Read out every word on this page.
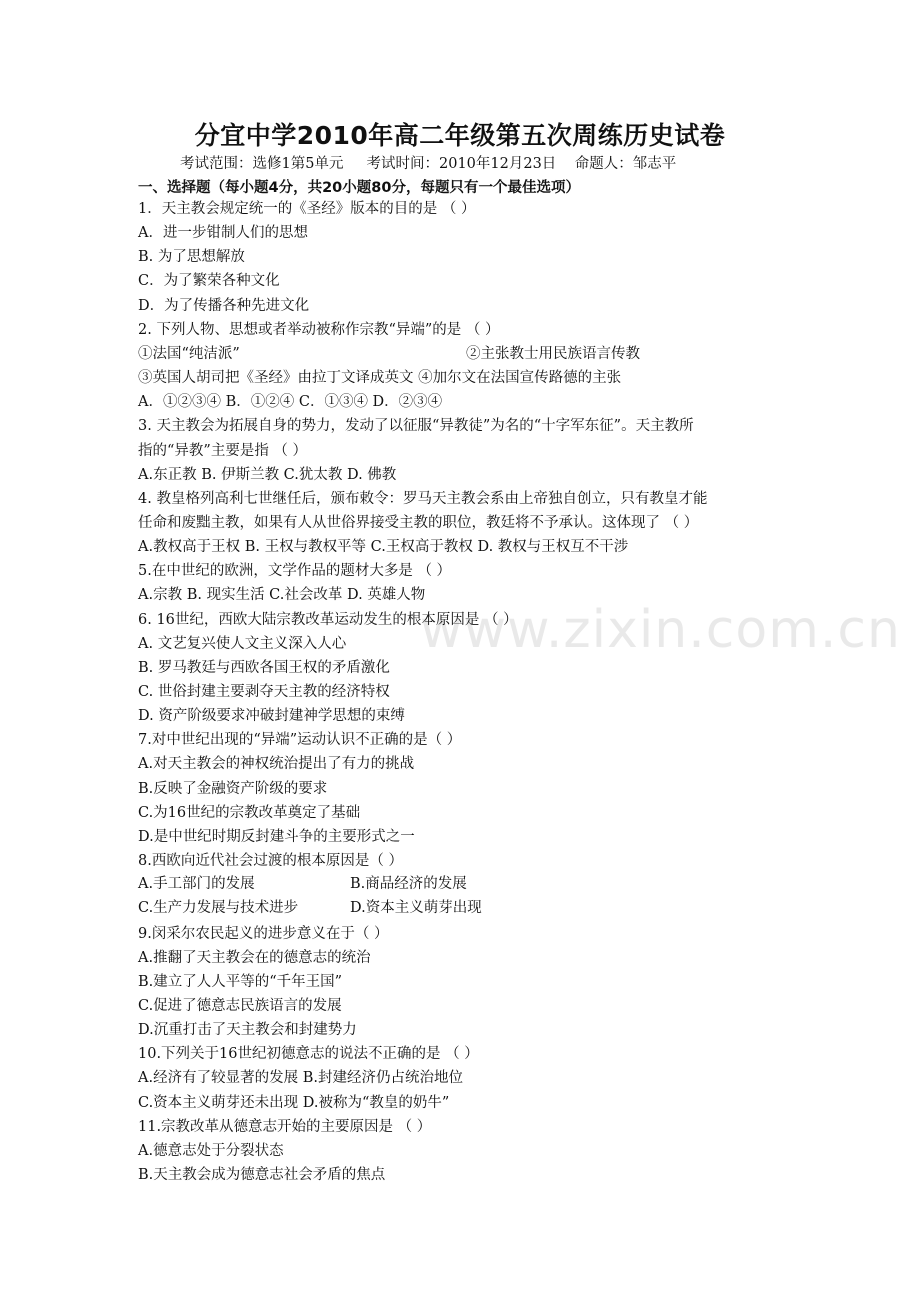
www.zixin.com.cn
分宜中学2010年高二年级第五次周练历史试卷
考试范围：选修1第5单元     考试时间：2010年12月23日    命题人：邹志平
一、选择题（每小题4分，共20小题80分，每题只有一个最佳选项）
1．天主教会规定统一的《圣经》版本的目的是 （ ）
A．进一步钳制人们的思想
B. 为了思想解放
C．为了繁荣各种文化
D．为了传播各种先进文化
2. 下列人物、思想或者举动被称作宗教“异端”的是 （ ）
③英国人胡司把《圣经》由拉丁文译成英文 ④加尔文在法国宣传路德的主张
A．①②③④ B．①②④ C．①③④ D．②③④
3. 天主教会为拓展自身的势力，发动了以征服“异教徒”为名的“十字军东征”。天主教所
指的“异教”主要是指 （ ）
A.东正教 B. 伊斯兰教 C.犹太教 D. 佛教
4. 教皇格列高利七世继任后，颁布敕令：罗马天主教会系由上帝独自创立，只有教皇才能
任命和废黜主教，如果有人从世俗界接受主教的职位，教廷将不予承认。这体现了 （ ）
A.教权高于王权 B. 王权与教权平等 C.王权高于教权 D. 教权与王权互不干涉
5.在中世纪的欧洲，文学作品的题材大多是 （ ）
A.宗教 B. 现实生活 C.社会改革 D. 英雄人物
6. 16世纪，西欧大陆宗教改革运动发生的根本原因是 （ ）
A. 文艺复兴使人文主义深入人心
B. 罗马教廷与西欧各国王权的矛盾激化
C. 世俗封建主要剥夺天主教的经济特权
D. 资产阶级要求冲破封建神学思想的束缚
7.对中世纪出现的“异端”运动认识不正确的是（ ）
A.对天主教会的神权统治提出了有力的挑战
B.反映了金融资产阶级的要求
C.为16世纪的宗教改革奠定了基础
D.是中世纪时期反封建斗争的主要形式之一
8.西欧向近代社会过渡的根本原因是（ ）
9.闵采尔农民起义的进步意义在于（ ）
A.推翻了天主教会在的德意志的统治
B.建立了人人平等的“千年王国”
C.促进了德意志民族语言的发展
D.沉重打击了天主教会和封建势力
10.下列关于16世纪初德意志的说法不正确的是 （ ）
A.经济有了较显著的发展 B.封建经济仍占统治地位
C.资本主义萌芽还未出现 D.被称为“教皇的奶牛”
11.宗教改革从德意志开始的主要原因是 （ ）
A.德意志处于分裂状态
B.天主教会成为德意志社会矛盾的焦点
①法国“纯洁派”	②主张教士用民族语言传教
A.手工部门的发展	B.商品经济的发展
C.生产力发展与技术进步	D.资本主义萌芽出现
